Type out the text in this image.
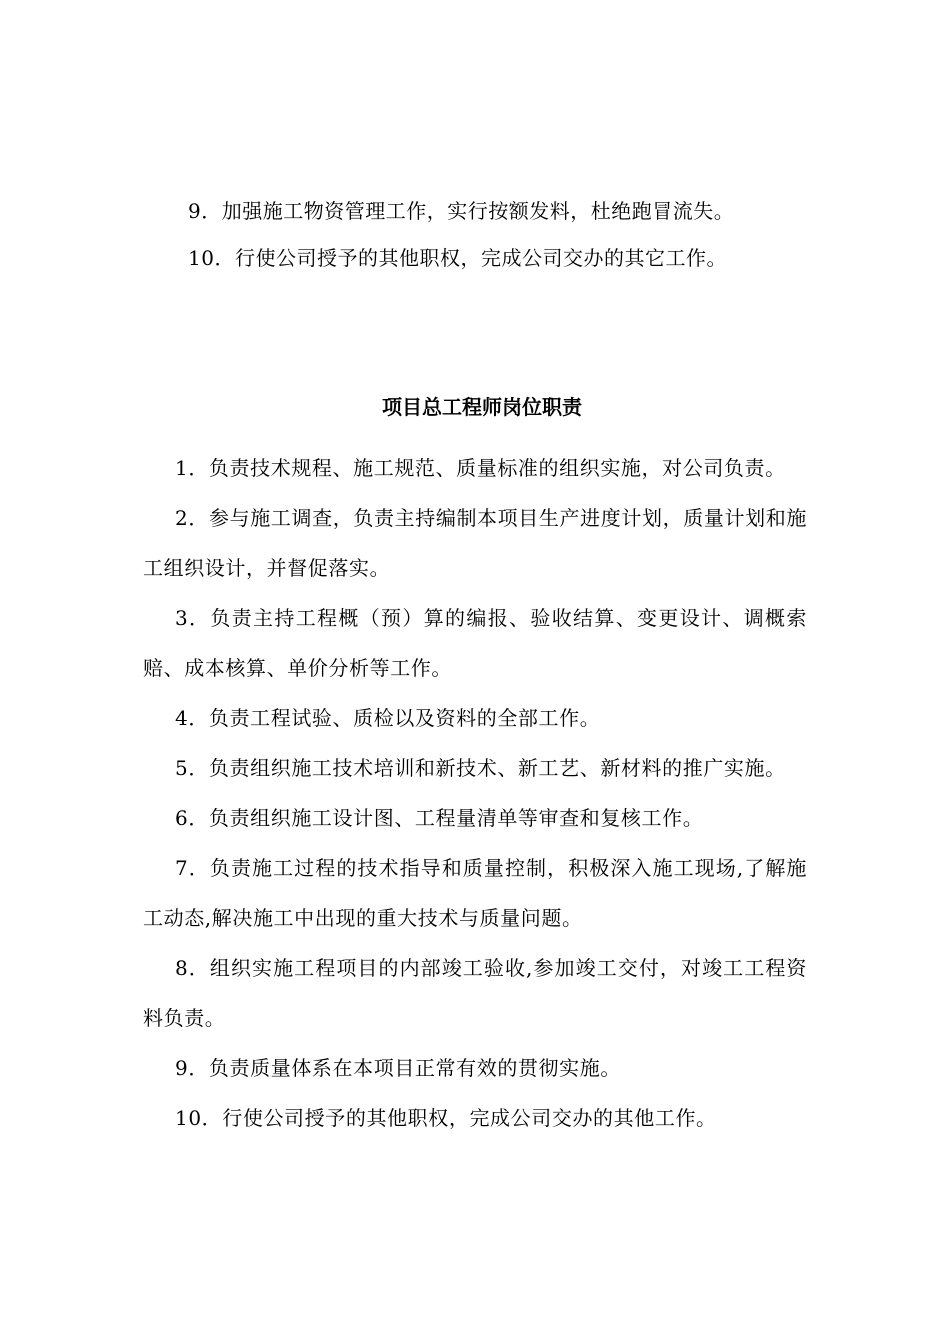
9．加强施工物资管理工作，实行按额发料，杜绝跑冒流失。
10．行使公司授予的其他职权，完成公司交办的其它工作。
项目总工程师岗位职责

1．负责技术规程、施工规范、质量标准的组织实施，对公司负责。

2．参与施工调查，负责主持编制本项目生产进度计划，质量计划和施工组织设计，并督促落实。

3．负责主持工程概（预）算的编报、验收结算、变更设计、调概索赔、成本核算、单价分析等工作。

4．负责工程试验、质检以及资料的全部工作。

5．负责组织施工技术培训和新技术、新工艺、新材料的推广实施。

6．负责组织施工设计图、工程量清单等审查和复核工作。

7．负责施工过程的技术指导和质量控制，积极深入施工现场,了解施工动态,解决施工中出现的重大技术与质量问题。

8．组织实施工程项目的内部竣工验收,参加竣工交付，对竣工工程资料负责。

9．负责质量体系在本项目正常有效的贯彻实施。

10．行使公司授予的其他职权，完成公司交办的其他工作。
